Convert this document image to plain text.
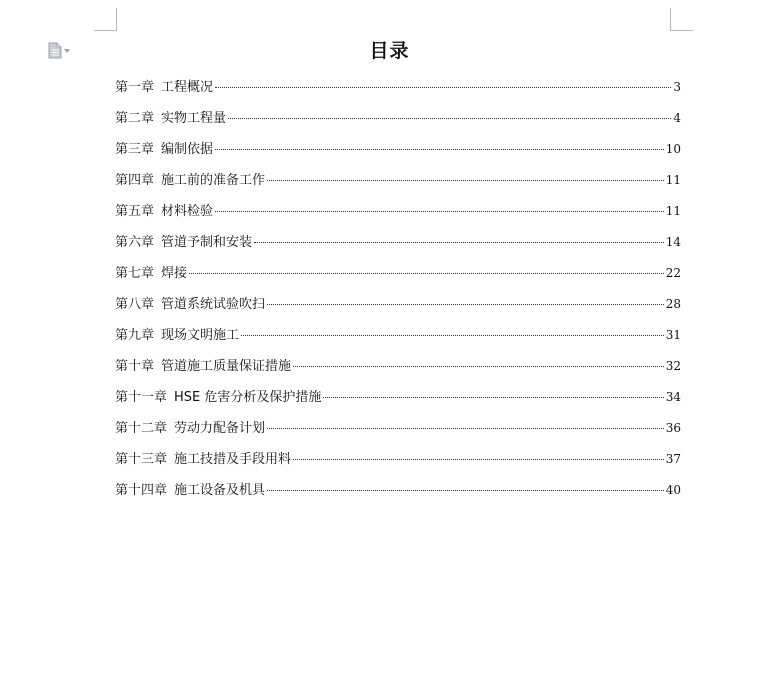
目录
第一章 工程概况	3
第二章 实物工程量	4
第三章 编制依据	10
第四章 施工前的准备工作	11
第五章 材料检验	11
第六章 管道予制和安装	14
第七章 焊接	22
第八章 管道系统试验吹扫	28
第九章 现场文明施工	31
第十章 管道施工质量保证措施	32
第十一章 HSE 危害分析及保护措施	34
第十二章 劳动力配备计划	36
第十三章 施工技措及手段用料	37
第十四章 施工设备及机具	40
